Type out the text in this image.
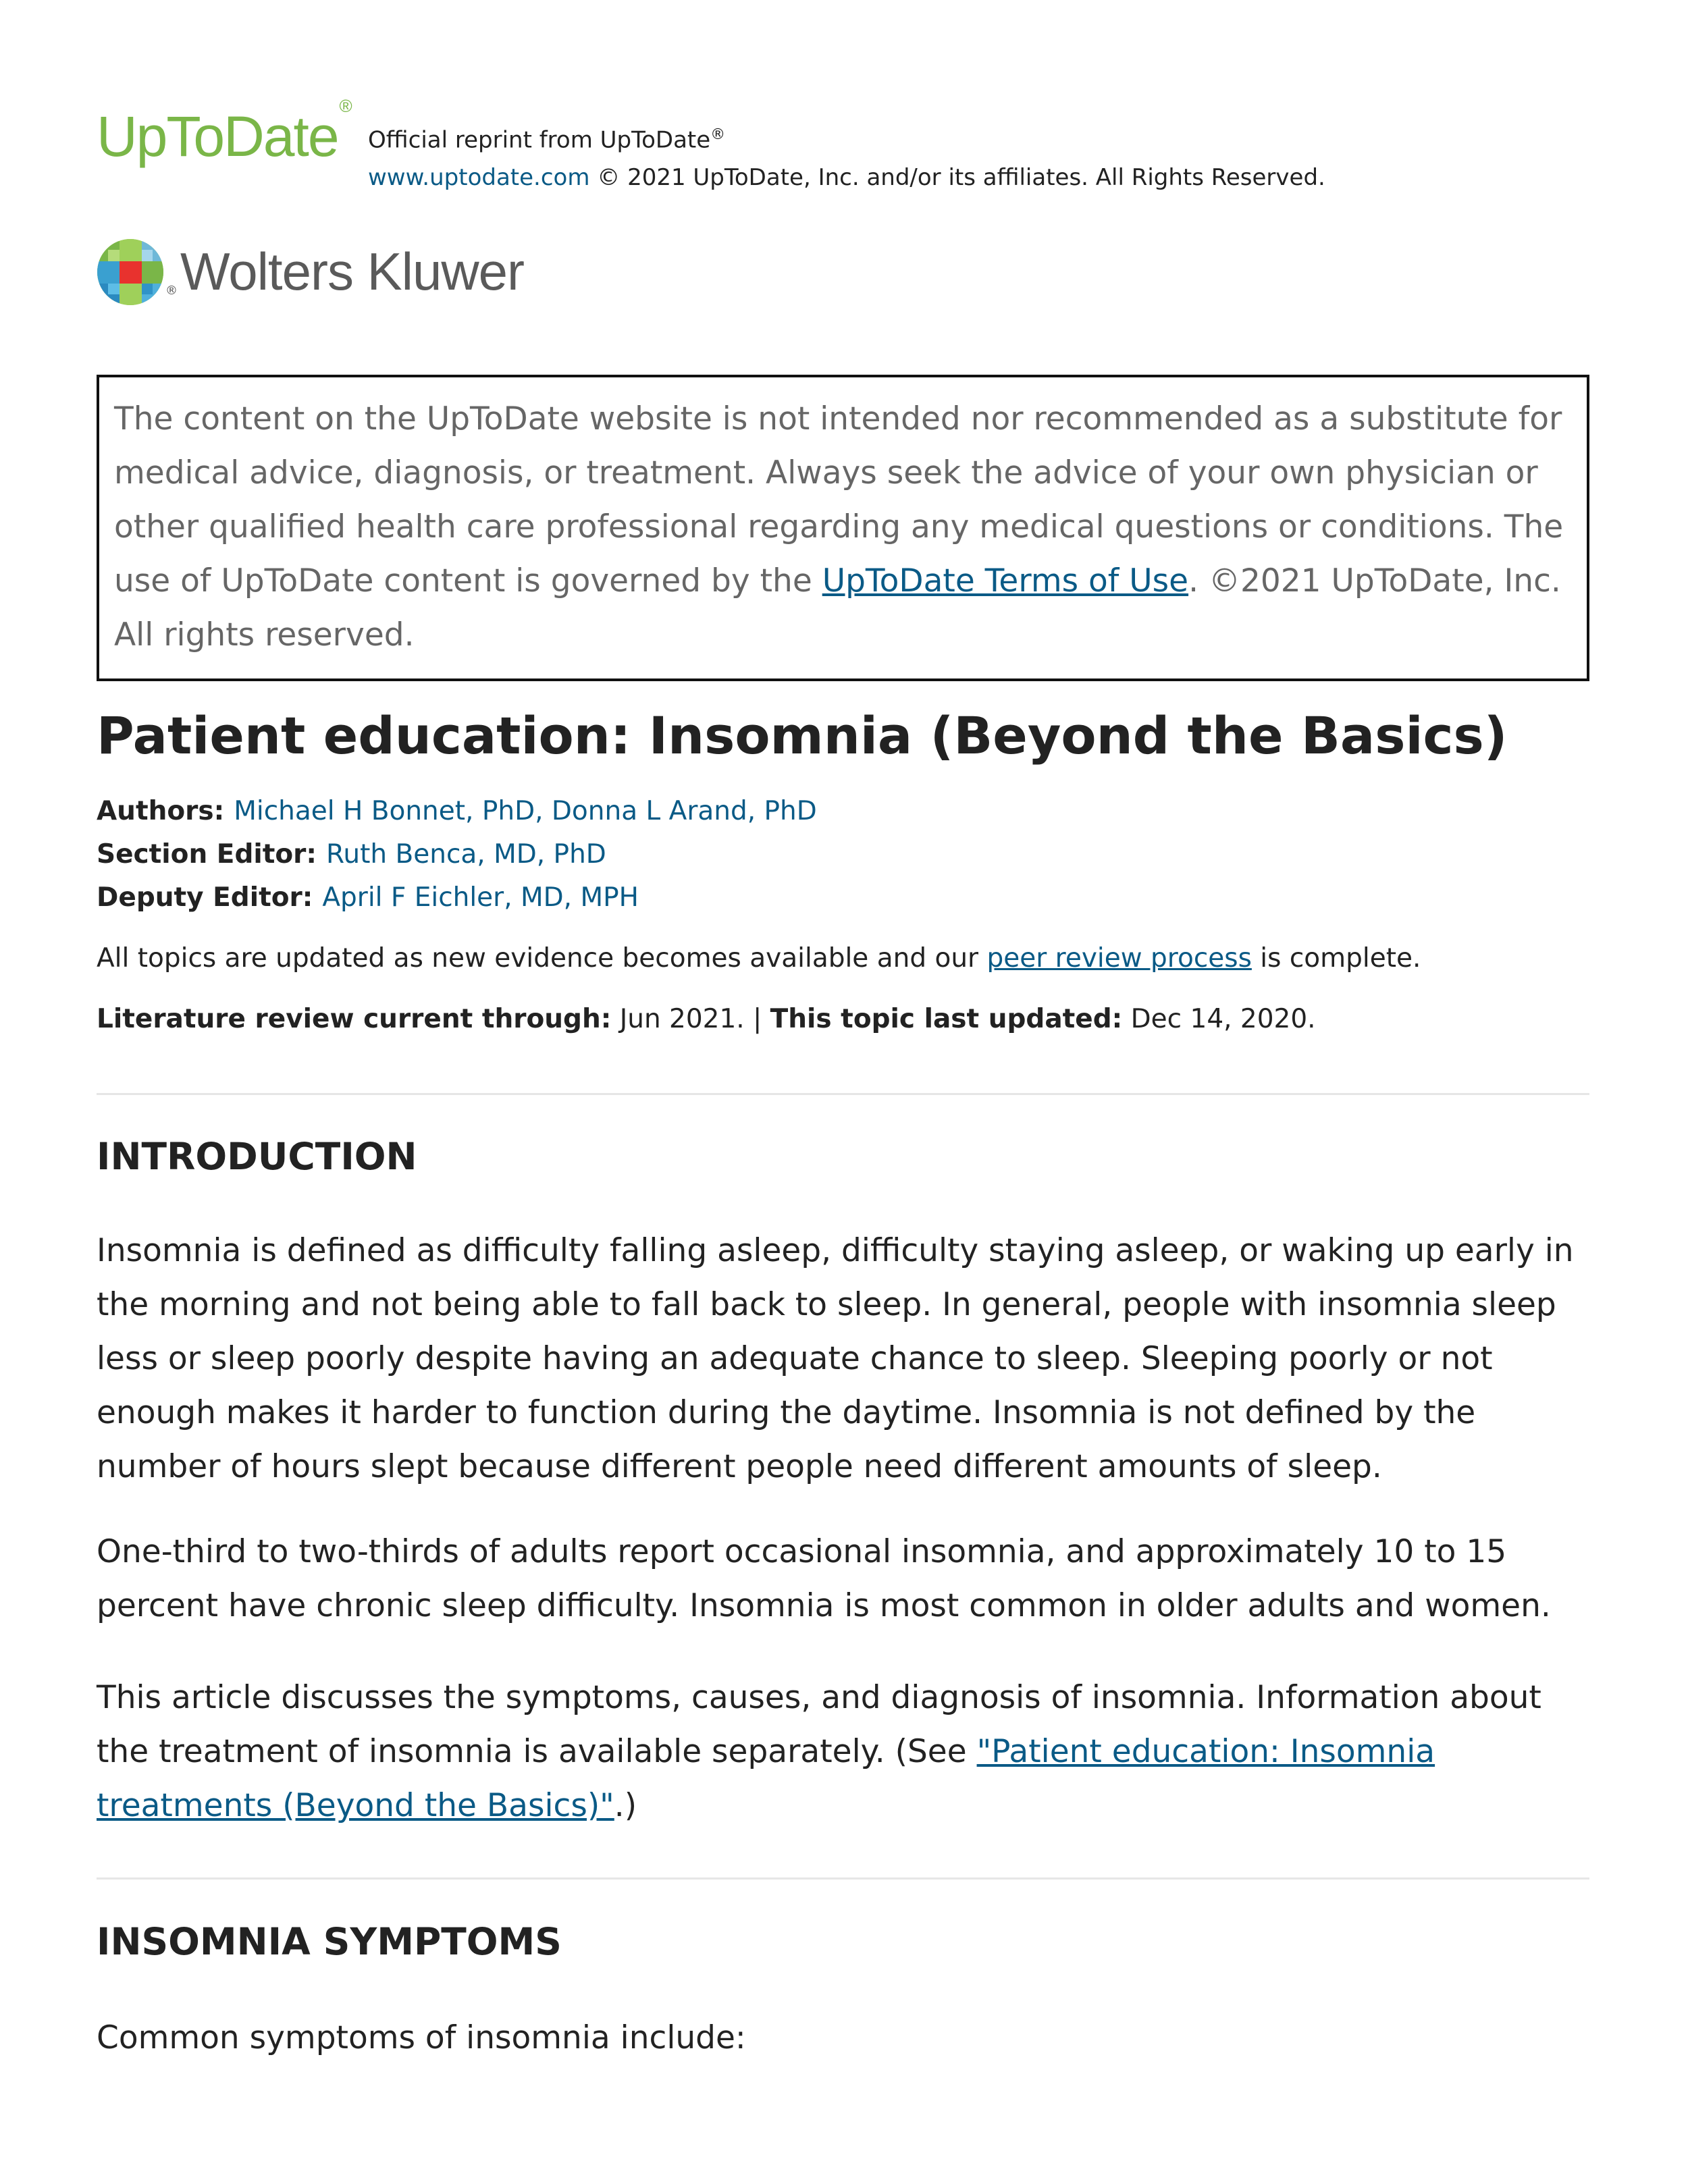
UpToDate®
Official reprint from UpToDate®
www.uptodate.com © 2021 UpToDate, Inc. and/or its affiliates. All Rights Reserved.
® Wolters Kluwer
The content on the UpToDate website is not intended nor recommended as a substitute for medical advice, diagnosis, or treatment. Always seek the advice of your own physician or other qualified health care professional regarding any medical questions or conditions. The use of UpToDate content is governed by the UpToDate Terms of Use. ©2021 UpToDate, Inc. All rights reserved.
Patient education: Insomnia (Beyond the Basics)
Authors: Michael H Bonnet, PhD, Donna L Arand, PhD
Section Editor: Ruth Benca, MD, PhD
Deputy Editor: April F Eichler, MD, MPH
All topics are updated as new evidence becomes available and our peer review process is complete.
Literature review current through: Jun 2021. | This topic last updated: Dec 14, 2020.
INTRODUCTION

Insomnia is defined as difficulty falling asleep, difficulty staying asleep, or waking up early in the morning and not being able to fall back to sleep. In general, people with insomnia sleep less or sleep poorly despite having an adequate chance to sleep. Sleeping poorly or not enough makes it harder to function during the daytime. Insomnia is not defined by the number of hours slept because different people need different amounts of sleep.

One-third to two-thirds of adults report occasional insomnia, and approximately 10 to 15 percent have chronic sleep difficulty. Insomnia is most common in older adults and women.

This article discusses the symptoms, causes, and diagnosis of insomnia. Information about the treatment of insomnia is available separately. (See "Patient education: Insomnia treatments (Beyond the Basics)".)

INSOMNIA SYMPTOMS

Common symptoms of insomnia include:
